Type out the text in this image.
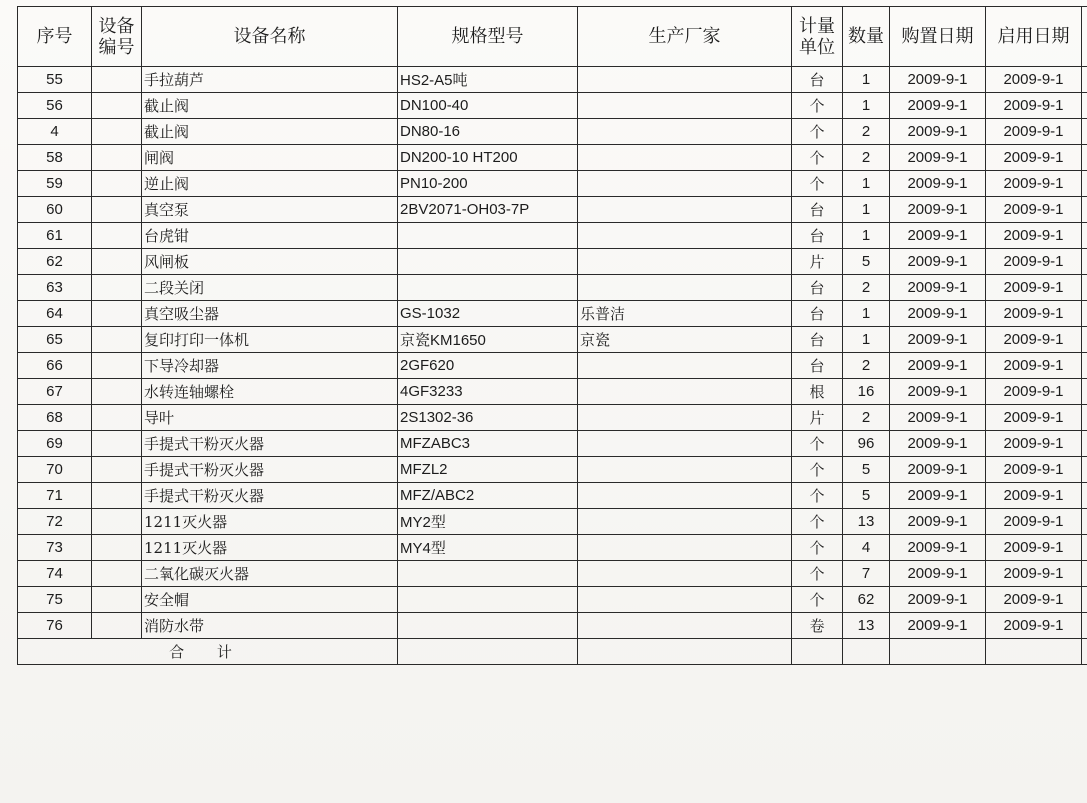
序号	设备编号	设备名称	规格型号	生产厂家	计量单位	数量	购置日期	启用日期	
55		手拉葫芦	HS2-A5吨		台	1	2009-9-1	2009-9-1	
56		截止阀	DN100-40		个	1	2009-9-1	2009-9-1	
4		截止阀	DN80-16		个	2	2009-9-1	2009-9-1	
58		闸阀	DN200-10 HT200		个	2	2009-9-1	2009-9-1	
59		逆止阀	PN10-200		个	1	2009-9-1	2009-9-1	
60		真空泵	2BV2071-OH03-7P		台	1	2009-9-1	2009-9-1	
61		台虎钳			台	1	2009-9-1	2009-9-1	
62		风闸板			片	5	2009-9-1	2009-9-1	
63		二段关闭			台	2	2009-9-1	2009-9-1	
64		真空吸尘器	GS-1032	乐普洁	台	1	2009-9-1	2009-9-1	
65		复印打印一体机	京瓷KM1650	京瓷	台	1	2009-9-1	2009-9-1	
66		下导冷却器	2GF620		台	2	2009-9-1	2009-9-1	
67		水转连轴螺栓	4GF3233		根	16	2009-9-1	2009-9-1	
68		导叶	2S1302-36		片	2	2009-9-1	2009-9-1	
69		手提式干粉灭火器	MFZABC3		个	96	2009-9-1	2009-9-1	
70		手提式干粉灭火器	MFZL2		个	5	2009-9-1	2009-9-1	
71		手提式干粉灭火器	MFZ/ABC2		个	5	2009-9-1	2009-9-1	
72		1211灭火器	MY2型		个	13	2009-9-1	2009-9-1	
73		1211灭火器	MY4型		个	4	2009-9-1	2009-9-1	
74		二氧化碳灭火器			个	7	2009-9-1	2009-9-1	
75		安全帽			个	62	2009-9-1	2009-9-1	
76		消防水带			卷	13	2009-9-1	2009-9-1	
合 计									
